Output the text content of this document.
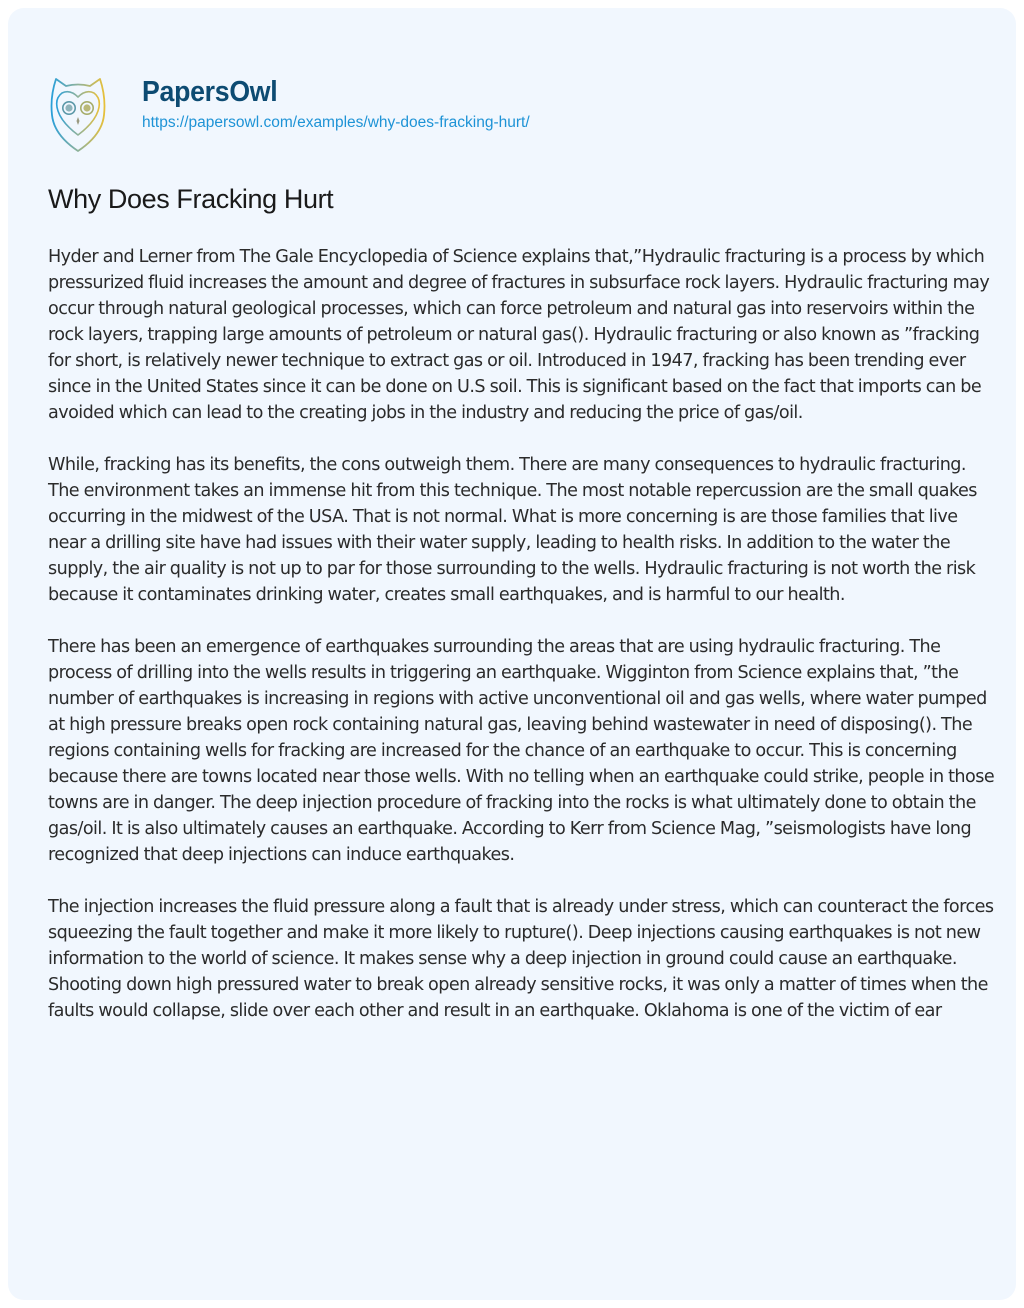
PapersOwl
https://papersowl.com/examples/why-does-fracking-hurt/
Why Does Fracking Hurt

Hyder and Lerner from The Gale Encyclopedia of Science explains that,”Hydraulic fracturing is a process by which pressurized fluid increases the amount and degree of fractures in subsurface rock layers. Hydraulic fracturing may occur through natural geological processes, which can force petroleum and natural gas into reservoirs within the rock layers, trapping large amounts of petroleum or natural gas(). Hydraulic fracturing or also known as ”fracking for short, is relatively newer technique to extract gas or oil. Introduced in 1947, fracking has been trending ever since in the United States since it can be done on U.S soil. This is significant based on the fact that imports can be avoided which can lead to the creating jobs in the industry and reducing the price of gas/oil.

While, fracking has its benefits, the cons outweigh them. There are many consequences to hydraulic fracturing. The environment takes an immense hit from this technique. The most notable repercussion are the small quakes occurring in the midwest of the USA. That is not normal. What is more concerning is are those families that live near a drilling site have had issues with their water supply, leading to health risks. In addition to the water the supply, the air quality is not up to par for those surrounding to the wells. Hydraulic fracturing is not worth the risk because it contaminates drinking water, creates small earthquakes, and is harmful to our health.

There has been an emergence of earthquakes surrounding the areas that are using hydraulic fracturing. The process of drilling into the wells results in triggering an earthquake. Wigginton from Science explains that, ”the number of earthquakes is increasing in regions with active unconventional oil and gas wells, where water pumped at high pressure breaks open rock containing natural gas, leaving behind wastewater in need of disposing(). The regions containing wells for fracking are increased for the chance of an earthquake to occur. This is concerning because there are towns located near those wells. With no telling when an earthquake could strike, people in those towns are in danger. The deep injection procedure of fracking into the rocks is what ultimately done to obtain the gas/oil. It is also ultimately causes an earthquake. According to Kerr from Science Mag, ”seismologists have long recognized that deep injections can induce earthquakes.

The injection increases the fluid pressure along a fault that is already under stress, which can counteract the forces squeezing the fault together and make it more likely to rupture(). Deep injections causing earthquakes is not new information to the world of science. It makes sense why a deep injection in ground could cause an earthquake. Shooting down high pressured water to break open already sensitive rocks, it was only a matter of times when the faults would collapse, slide over each other and result in an earthquake. Oklahoma is one of the victim of ear
